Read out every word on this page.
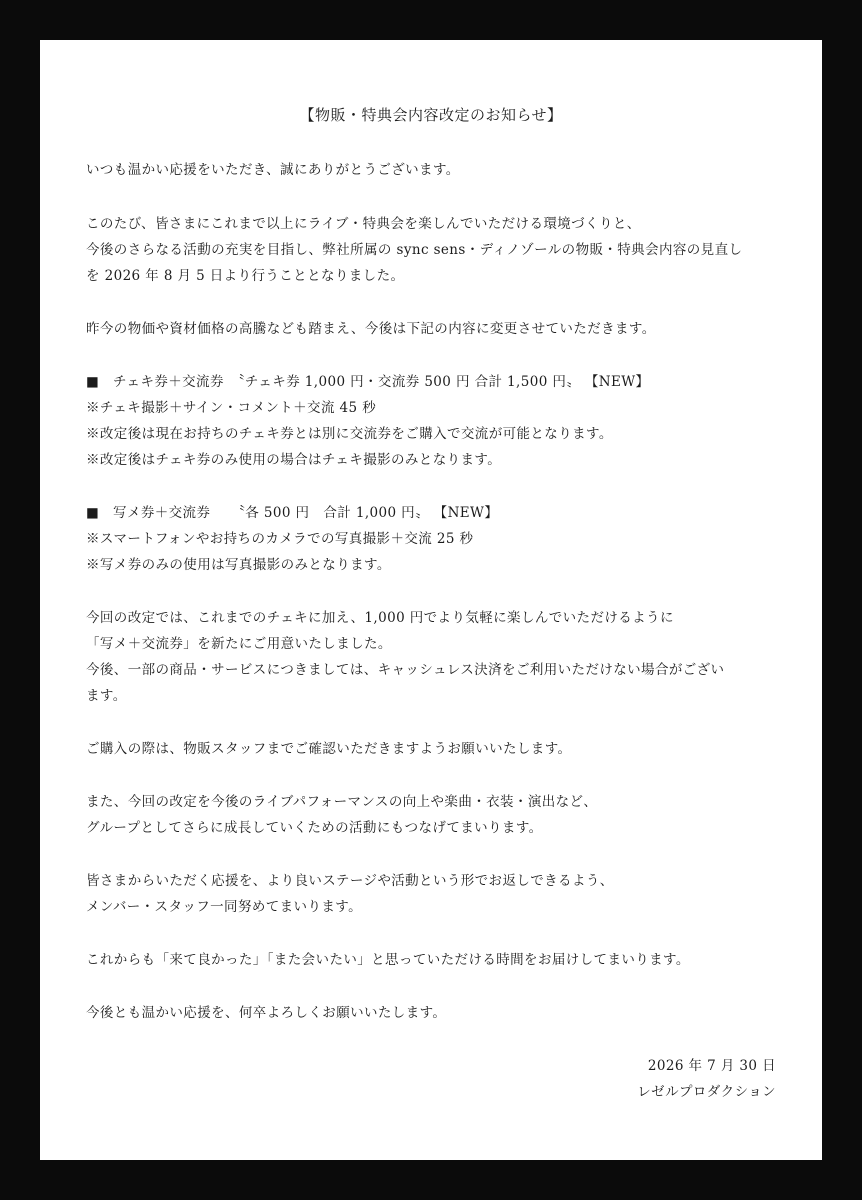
【物販・特典会内容改定のお知らせ】
いつも温かい応援をいただき、誠にありがとうございます。
このたび、皆さまにこれまで以上にライブ・特典会を楽しんでいただける環境づくりと、
今後のさらなる活動の充実を目指し、弊社所属の sync sens・ディノゾールの物販・特典会内容の見直し
を 2026 年 8 月 5 日より行うこととなりました。
昨今の物価や資材価格の高騰なども踏まえ、今後は下記の内容に変更させていただきます。
■　チェキ券＋交流券　〝チェキ券 1,000 円・交流券 500 円 合計 1,500 円〟 【NEW】
※チェキ撮影＋サイン・コメント＋交流 45 秒
※改定後は現在お持ちのチェキ券とは別に交流券をご購入で交流が可能となります。
※改定後はチェキ券のみ使用の場合はチェキ撮影のみとなります。
■　写メ券＋交流券　　〝各 500 円　合計 1,000 円〟 【NEW】
※スマートフォンやお持ちのカメラでの写真撮影＋交流 25 秒
※写メ券のみの使用は写真撮影のみとなります。
今回の改定では、これまでのチェキに加え、1,000 円でより気軽に楽しんでいただけるように
「写メ＋交流券」を新たにご用意いたしました。
今後、一部の商品・サービスにつきましては、キャッシュレス決済をご利用いただけない場合がござい
ます。
ご購入の際は、物販スタッフまでご確認いただきますようお願いいたします。
また、今回の改定を今後のライブパフォーマンスの向上や楽曲・衣装・演出など、
グループとしてさらに成長していくための活動にもつなげてまいります。
皆さまからいただく応援を、より良いステージや活動という形でお返しできるよう、
メンバー・スタッフ一同努めてまいります。
これからも「来て良かった」「また会いたい」と思っていただける時間をお届けしてまいります。
今後とも温かい応援を、何卒よろしくお願いいたします。
2026 年 7 月 30 日
レゼルプロダクション
